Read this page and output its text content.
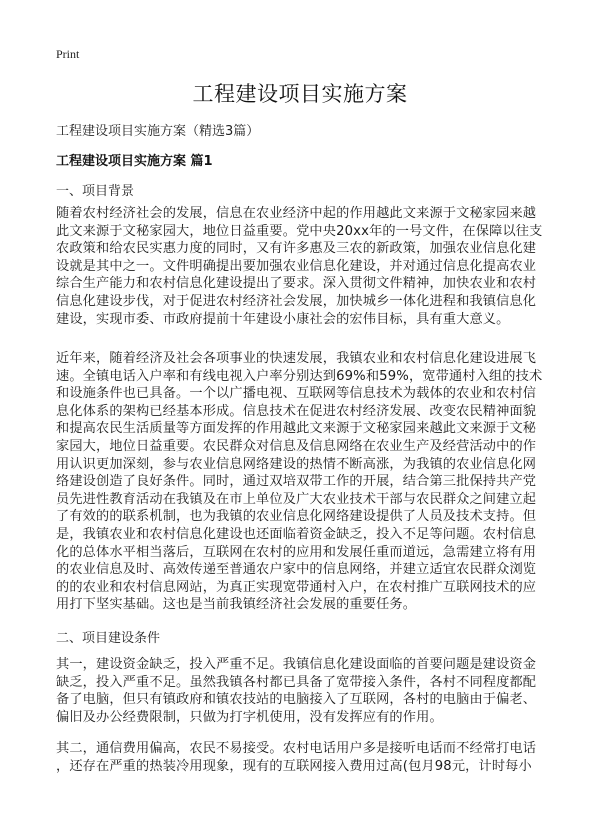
Print
工程建设项目实施方案

工程建设项目实施方案（精选3篇）

工程建设项目实施方案 篇1
一、项目背景
随着农村经济社会的发展，信息在农业经济中起的作用越此文来源于文秘家园来越
此文来源于文秘家园大，地位日益重要。党中央20xx年的一号文件，在保障以往支
农政策和给农民实惠力度的同时，又有许多惠及三农的新政策，加强农业信息化建
设就是其中之一。文件明确提出要加强农业信息化建设，并对通过信息化提高农业
综合生产能力和农村信息化建设提出了要求。深入贯彻文件精神，加快农业和农村
信息化建设步伐，对于促进农村经济社会发展，加快城乡一体化进程和我镇信息化
建设，实现市委、市政府提前十年建设小康社会的宏伟目标，具有重大意义。
近年来，随着经济及社会各项事业的快速发展，我镇农业和农村信息化建设进展飞
速。全镇电话入户率和有线电视入户率分别达到69%和59%，宽带通村入组的技术
和设施条件也已具备。一个以广播电视、互联网等信息技术为载体的农业和农村信
息化体系的架构已经基本形成。信息技术在促进农村经济发展、改变农民精神面貌
和提高农民生活质量等方面发挥的作用越此文来源于文秘家园来越此文来源于文秘
家园大，地位日益重要。农民群众对信息及信息网络在农业生产及经营活动中的作
用认识更加深刻，参与农业信息网络建设的热情不断高涨，为我镇的农业信息化网
络建设创造了良好条件。同时，通过双培双带工作的开展，结合第三批保持共产党
员先进性教育活动在我镇及在市上单位及广大农业技术干部与农民群众之间建立起
了有效的的联系机制，也为我镇的农业信息化网络建设提供了人员及技术支持。但
是，我镇农业和农村信息化建设也还面临着资金缺乏，投入不足等问题。农村信息
化的总体水平相当落后，互联网在农村的应用和发展任重而道远，急需建立将有用
的农业信息及时、高效传递至普通农户家中的信息网络，并建立适宜农民群众浏览
的的农业和农村信息网站，为真正实现宽带通村入户，在农村推广互联网技术的应
用打下坚实基础。这也是当前我镇经济社会发展的重要任务。
二、项目建设条件
其一，建设资金缺乏，投入严重不足。我镇信息化建设面临的首要问题是建设资金
缺乏，投入严重不足。虽然我镇各村都已具备了宽带接入条件，各村不同程度都配
备了电脑，但只有镇政府和镇农技站的电脑接入了互联网，各村的电脑由于偏老、
偏旧及办公经费限制，只做为打字机使用，没有发挥应有的作用。
其二，通信费用偏高，农民不易接受。农村电话用户多是接听电话而不经常打电话
，还存在严重的热装冷用现象，现有的互联网接入费用过高(包月98元，计时每小
